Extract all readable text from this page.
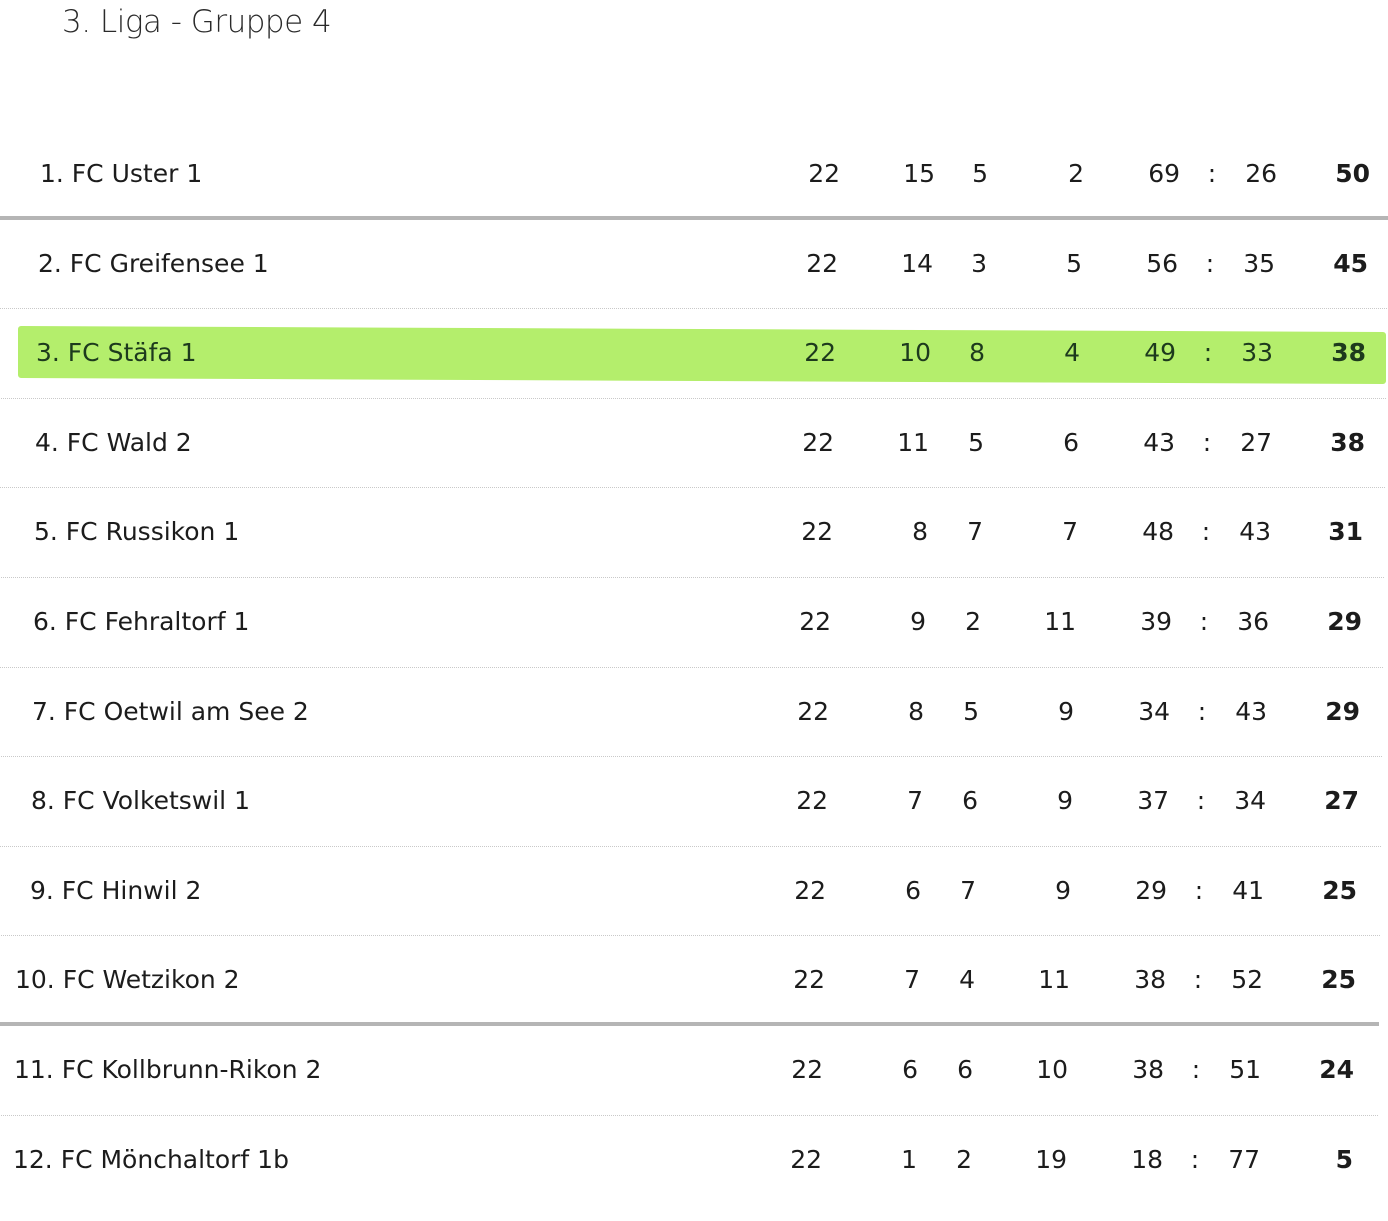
3. Liga - Gruppe 4
1. FC Uster 1	22	15	5	2	69 :	26	50
2. FC Greifensee 1	22	14	3	5	56 :	35	45
3. FC Stäfa 1	22	10	8	4	49 :	33	38
4. FC Wald 2	22	11	5	6	43 :	27	38
5. FC Russikon 1	22	8	7	7	48 :	43	31
6. FC Fehraltorf 1	22	9	2	11	39 :	36	29
7. FC Oetwil am See 2	22	8	5	9	34 :	43	29
8. FC Volketswil 1	22	7	6	9	37 :	34	27
9. FC Hinwil 2	22	6	7	9	29 :	41	25
10. FC Wetzikon 2	22	7	4	11	38 :	52	25
11. FC Kollbrunn-Rikon 2	22	6	6	10	38 :	51	24
12. FC Mönchaltorf 1b	22	1	2	19	18 :	77	5
